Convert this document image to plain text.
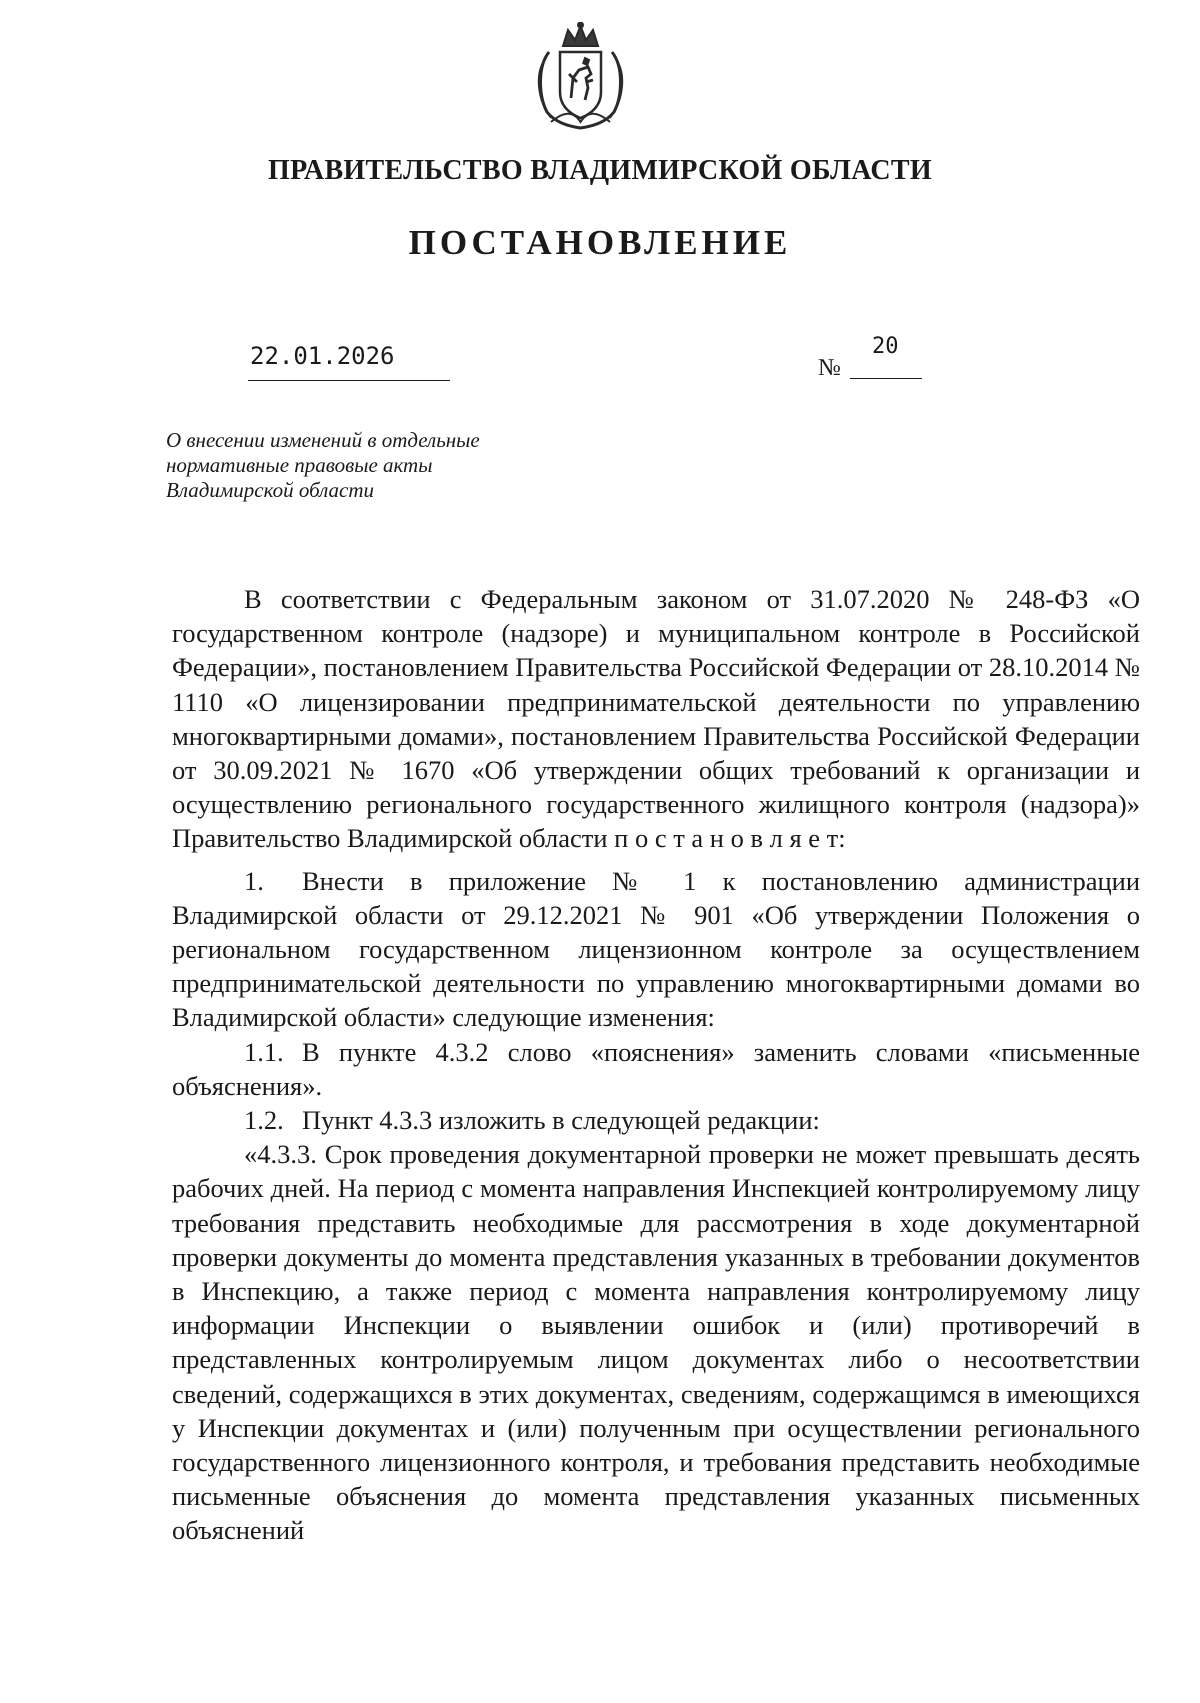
ПРАВИТЕЛЬСТВО ВЛАДИМИРСКОЙ ОБЛАСТИ
ПОСТАНОВЛЕНИЕ
22.01.2026	№
20
О внесении изменений в отдельные
нормативные правовые акты
Владимирской области

В соответствии с Федеральным законом от 31.07.2020 № 248-ФЗ «О государственном контроле (надзоре) и муниципальном контроле в Российской Федерации», постановлением Правительства Российской Федерации от 28.10.2014 № 1110 «О лицензировании предпринимательской деятельности по управлению многоквартирными домами», постановлением Правительства Российской Федерации от 30.09.2021 № 1670 «Об утверждении общих требований к организации и осуществлению регионального государственного жилищного контроля (надзора)» Правительство Владимирской области п о с т а н о в л я е т:

1. Внести в приложение № 1 к постановлению администрации Владимирской области от 29.12.2021 № 901 «Об утверждении Положения о региональном государственном лицензионном контроле за осуществлением предпринимательской деятельности по управлению многоквартирными домами во Владимирской области» следующие изменения:

1.1. В пункте 4.3.2 слово «пояснения» заменить словами «письменные объяснения».

1.2. Пункт 4.3.3 изложить в следующей редакции:

«4.3.3. Срок проведения документарной проверки не может превышать десять рабочих дней. На период с момента направления Инспекцией контролируемому лицу требования представить необходимые для рассмотрения в ходе документарной проверки документы до момента представления указанных в требовании документов в Инспекцию, а также период с момента направления контролируемому лицу информации Инспекции о выявлении ошибок и (или) противоречий в представленных контролируемым лицом документах либо о несоответствии сведений, содержащихся в этих документах, сведениям, содержащимся в имеющихся у Инспекции документах и (или) полученным при осуществлении регионального государственного лицензионного контроля, и требования представить необходимые письменные объяснения до момента представления указанных письменных объяснений
